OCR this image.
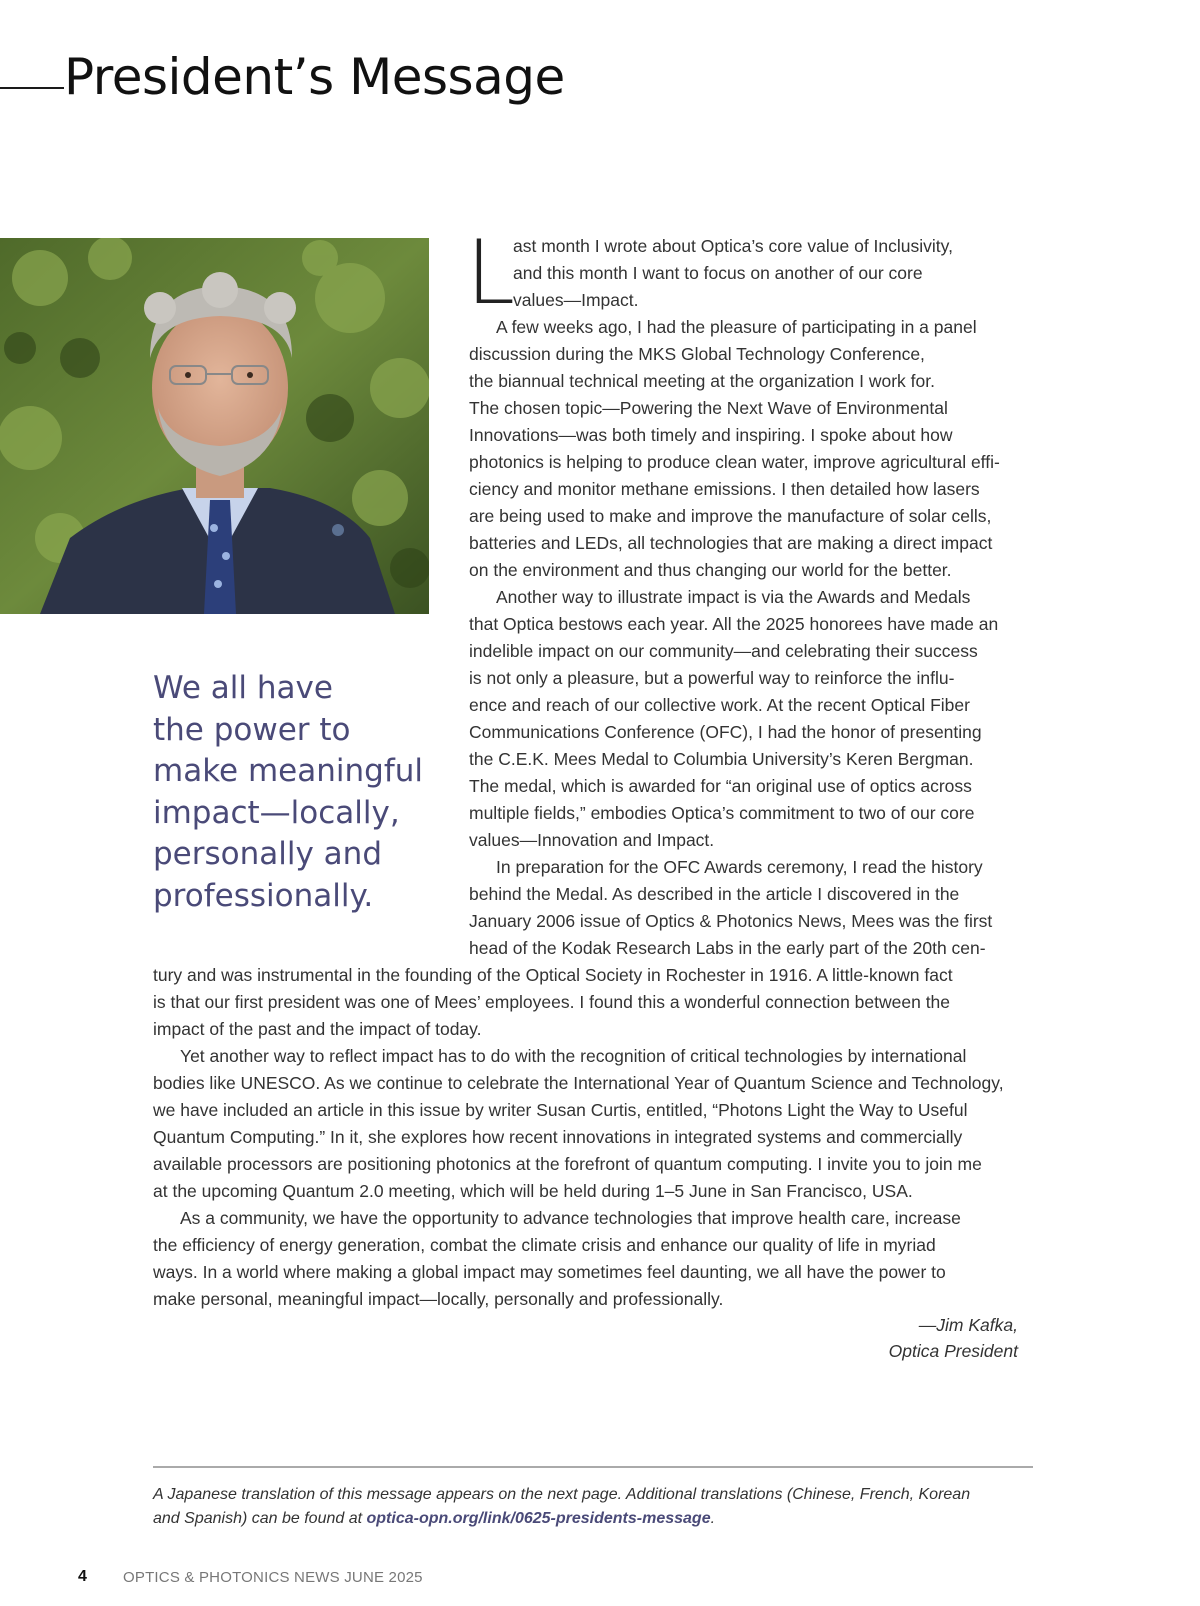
President’s Message
We all have
the power to
make meaningful
impact—locally,
personally and
professionally.
L
ast month I wrote about Optica’s core value of Inclusivity,
and this month I want to focus on another of our core
values—Impact.
A few weeks ago, I had the pleasure of participating in a panel
discussion during the MKS Global Technology Conference,
the biannual technical meeting at the organization I work for.
The chosen topic—Powering the Next Wave of Environmental
Innovations—was both timely and inspiring. I spoke about how
photonics is helping to produce clean water, improve agricultural effi-
ciency and monitor methane emissions. I then detailed how lasers
are being used to make and improve the manufacture of solar cells,
batteries and LEDs, all technologies that are making a direct impact
on the environment and thus changing our world for the better.
Another way to illustrate impact is via the Awards and Medals
that Optica bestows each year. All the 2025 honorees have made an
indelible impact on our community—and celebrating their success
is not only a pleasure, but a powerful way to reinforce the influ-
ence and reach of our collective work. At the recent Optical Fiber
Communications Conference (OFC), I had the honor of presenting
the C.E.K. Mees Medal to Columbia University’s Keren Bergman.
The medal, which is awarded for “an original use of optics across
multiple fields,” embodies Optica’s commitment to two of our core
values—Innovation and Impact.
In preparation for the OFC Awards ceremony, I read the history
behind the Medal. As described in the article I discovered in the
January 2006 issue of Optics & Photonics News, Mees was the first
head of the Kodak Research Labs in the early part of the 20th cen-
tury and was instrumental in the founding of the Optical Society in Rochester in 1916. A little-known fact
is that our first president was one of Mees’ employees. I found this a wonderful connection between the
impact of the past and the impact of today.
Yet another way to reflect impact has to do with the recognition of critical technologies by international
bodies like UNESCO. As we continue to celebrate the International Year of Quantum Science and Technology,
we have included an article in this issue by writer Susan Curtis, entitled, “Photons Light the Way to Useful
Quantum Computing.” In it, she explores how recent innovations in integrated systems and commercially
available processors are positioning photonics at the forefront of quantum computing. I invite you to join me
at the upcoming Quantum 2.0 meeting, which will be held during 1–5 June in San Francisco, USA.
As a community, we have the opportunity to advance technologies that improve health care, increase
the efficiency of energy generation, combat the climate crisis and enhance our quality of life in myriad
ways. In a world where making a global impact may sometimes feel daunting, we all have the power to
make personal, meaningful impact—locally, personally and professionally.
—Jim Kafka,
Optica President
A Japanese translation of this message appears on the next page. Additional translations (Chinese, French, Korean
and Spanish) can be found at optica-opn.org/link/0625-presidents-message.
4 OPTICS & PHOTONICS NEWS JUNE 2025
